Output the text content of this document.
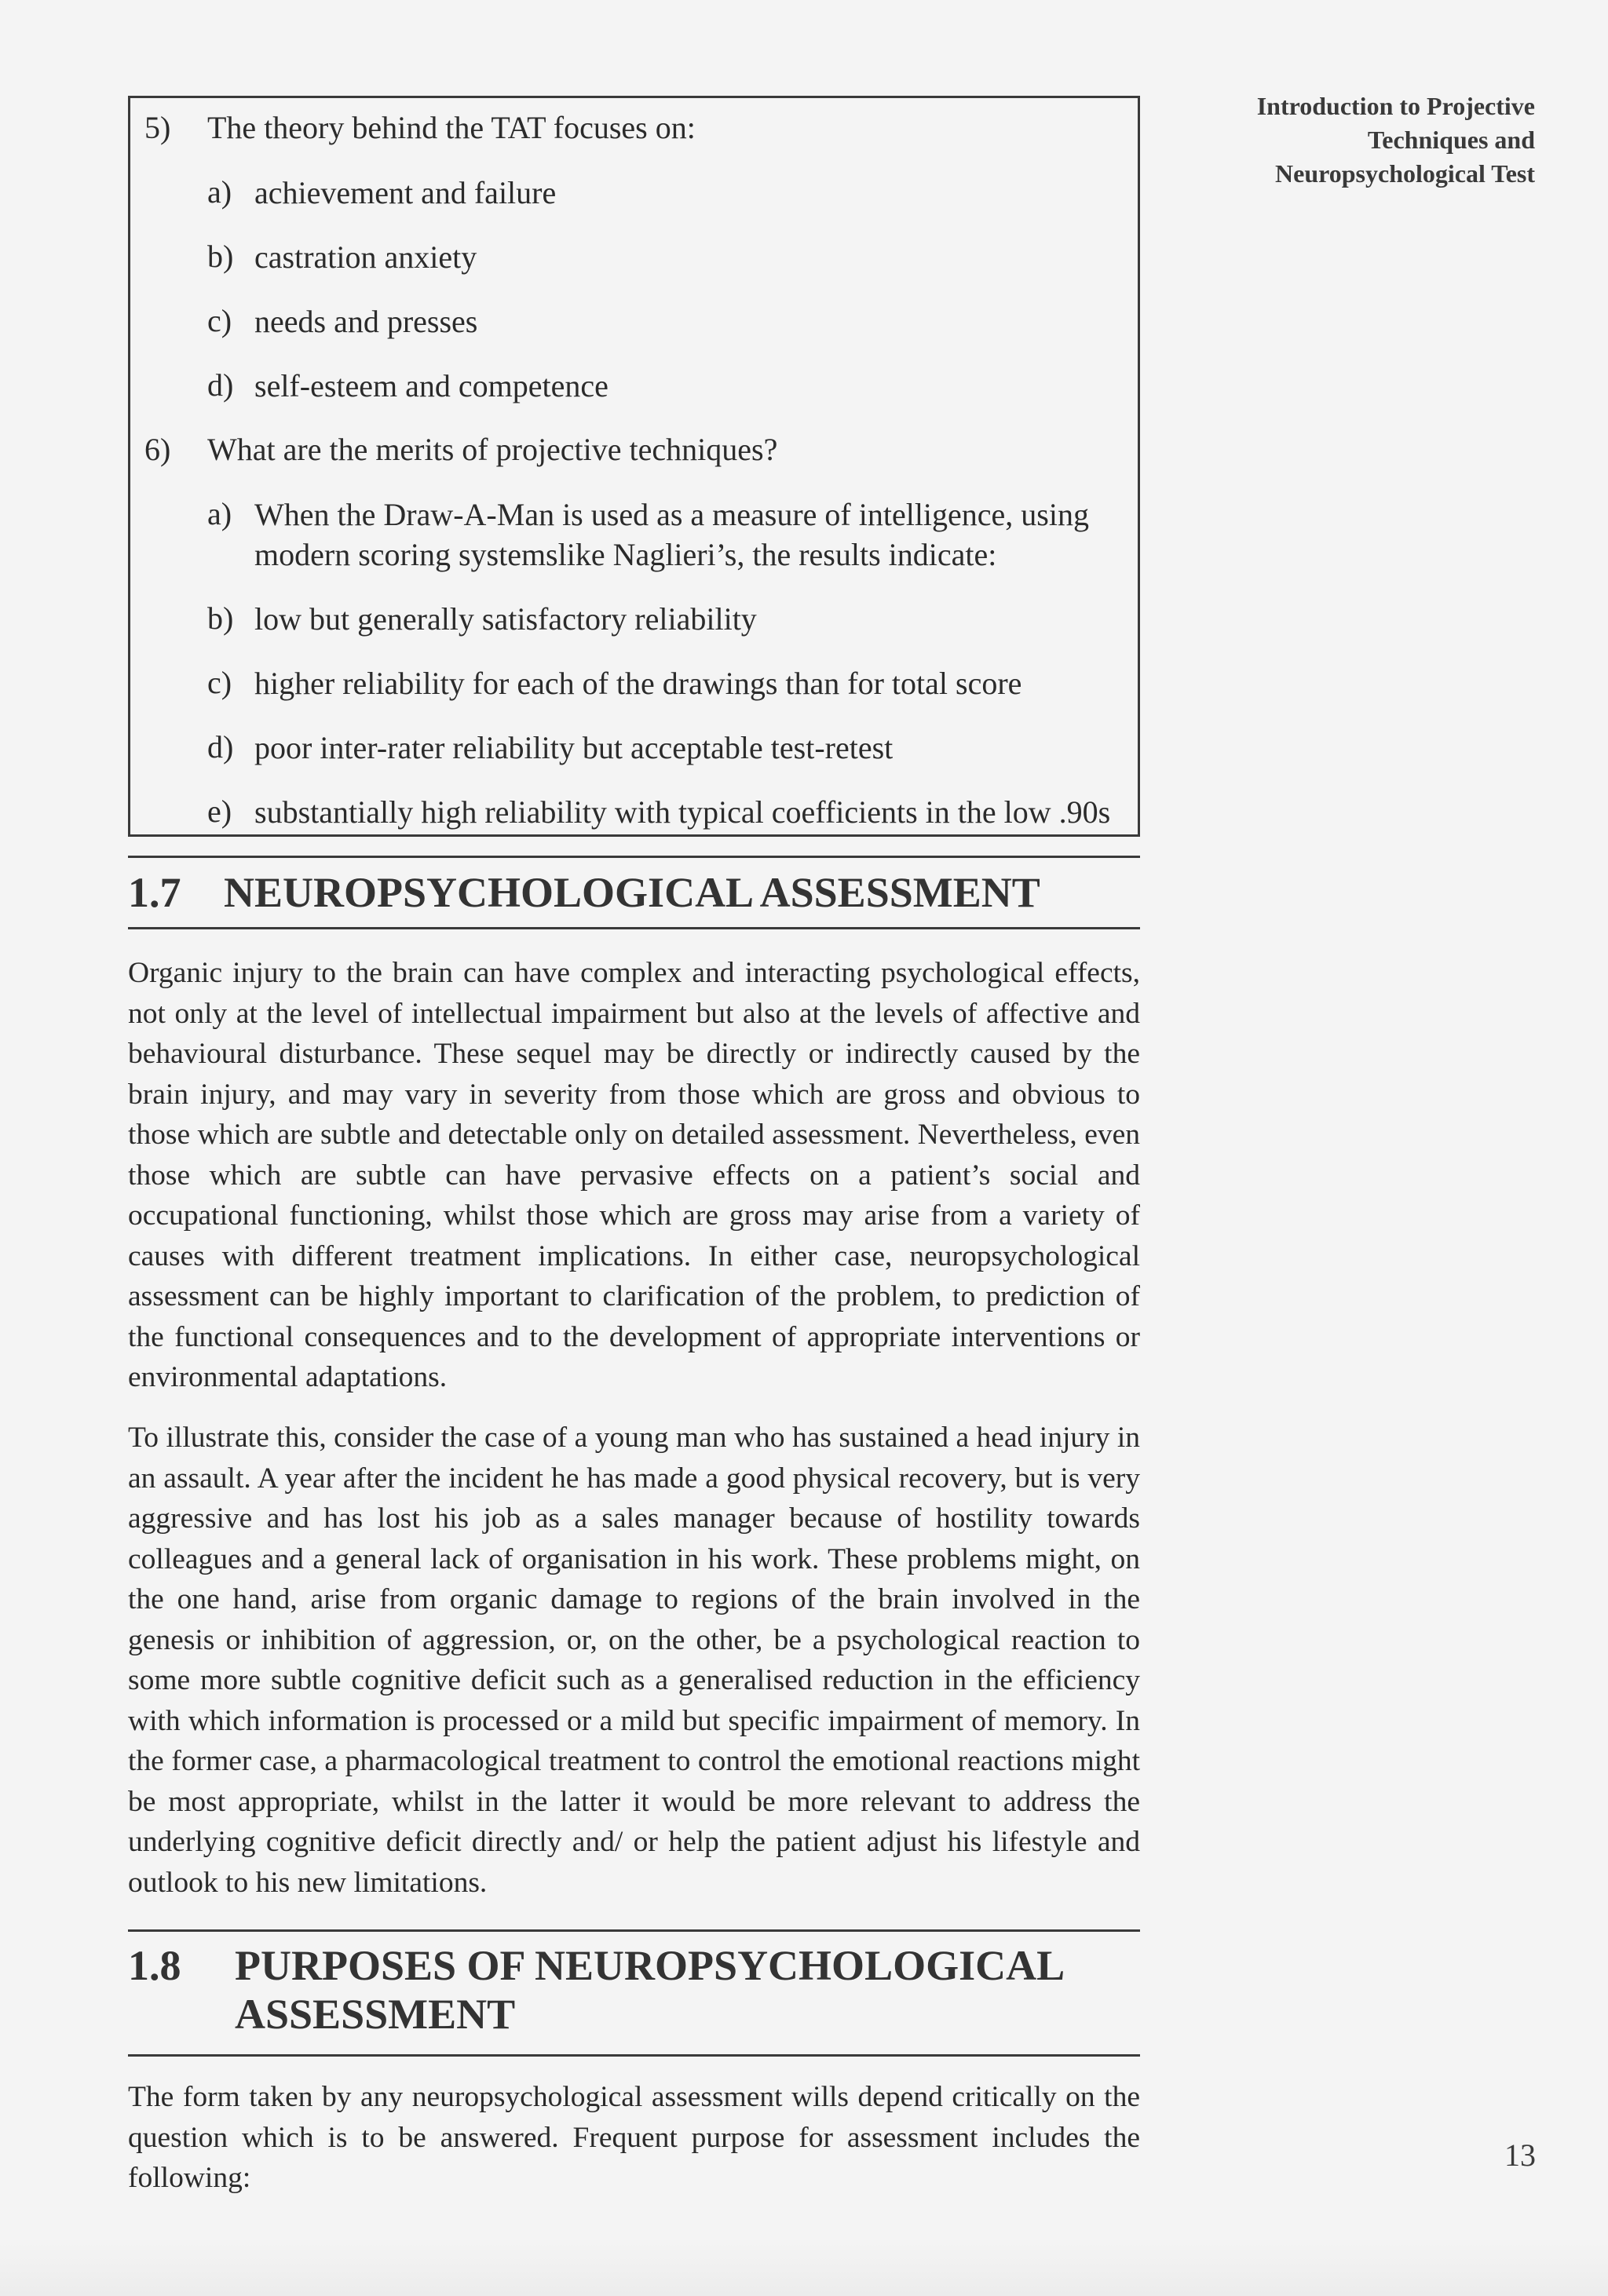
Introduction to Projective
Techniques and
Neuropsychological Test
5) The theory behind the TAT focuses on:
a) achievement and failure
b) castration anxiety
c) needs and presses
d) self-esteem and competence
6) What are the merits of projective techniques?
a) When the Draw-A-Man is used as a measure of intelligence, using modern scoring systemslike Naglieri’s, the results indicate:
b) low but generally satisfactory reliability
c) higher reliability for each of the drawings than for total score
d) poor inter-rater reliability but acceptable test-retest
e) substantially high reliability with typical coefficients in the low .90s
1.7 NEUROPSYCHOLOGICAL ASSESSMENT
Organic injury to the brain can have complex and interacting psychological effects, not only at the level of intellectual impairment but also at the levels of affective and behavioural disturbance. These sequel may be directly or indirectly caused by the brain injury, and may vary in severity from those which are gross and obvious to those which are subtle and detectable only on detailed assessment. Nevertheless, even those which are subtle can have pervasive effects on a patient’s social and occupational functioning, whilst those which are gross may arise from a variety of causes with different treatment implications. In either case, neuropsychological assessment can be highly important to clarification of the problem, to prediction of the functional consequences and to the development of appropriate interventions or environmental adaptations.
To illustrate this, consider the case of a young man who has sustained a head injury in an assault. A year after the incident he has made a good physical recovery, but is very aggressive and has lost his job as a sales manager because of hostility towards colleagues and a general lack of organisation in his work. These problems might, on the one hand, arise from organic damage to regions of the brain involved in the genesis or inhibition of aggression, or, on the other, be a psychological reaction to some more subtle cognitive deficit such as a generalised reduction in the efficiency with which information is processed or a mild but specific impairment of memory. In the former case, a pharmacological treatment to control the emotional reactions might be most appropriate, whilst in the latter it would be more relevant to address the underlying cognitive deficit directly and/ or help the patient adjust his lifestyle and outlook to his new limitations.
1.8 PURPOSES OF NEUROPSYCHOLOGICAL
ASSESSMENT
The form taken by any neuropsychological assessment wills depend critically on the question which is to be answered. Frequent purpose for assessment includes the following:
13
